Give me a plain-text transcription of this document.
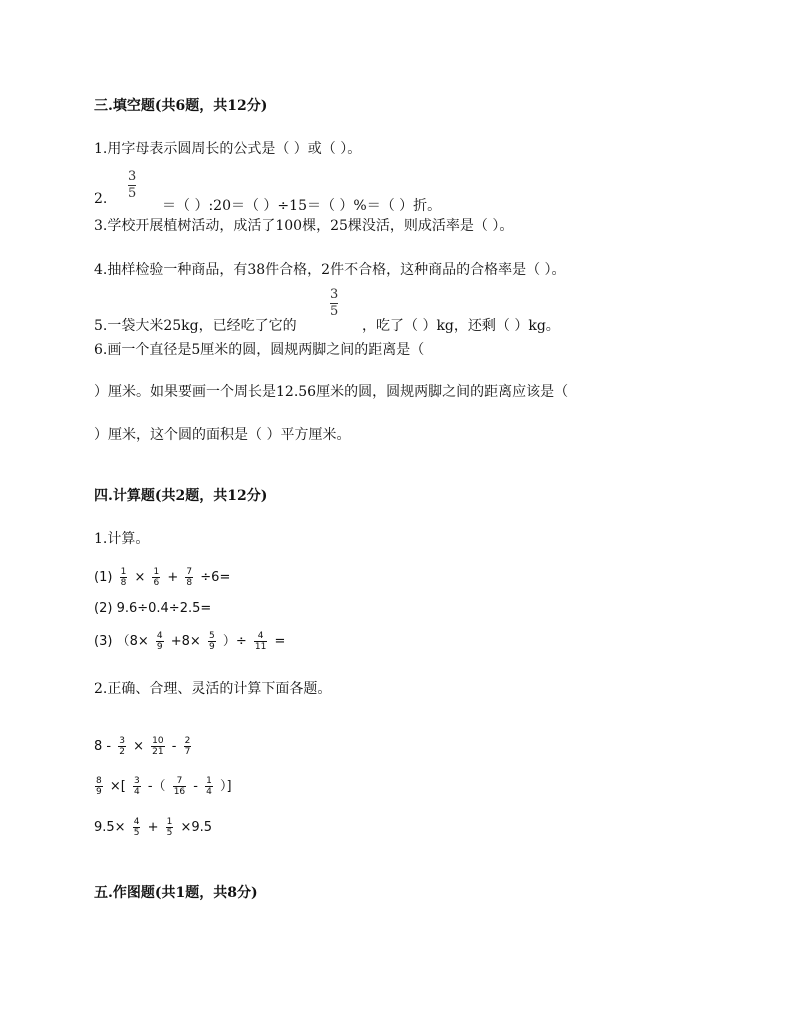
三.填空题(共6题，共12分)
1.用字母表示圆周长的公式是（ ）或（ ）。
2. $\frac{3}{5}$
＝（ ）:20＝（ ）÷15＝（ ）%＝（ ）折。
3.学校开展植树活动，成活了100棵，25棵没活，则成活率是（ ）。
4.抽样检验一种商品，有38件合格，2件不合格，这种商品的合格率是（ ）。
5.一袋大米25kg，已经吃了它的
$\frac{3}{5}$
，吃了（ ）kg，还剩（ ）kg。
6.画一个直径是5厘米的圆，圆规两脚之间的距离是（
）厘米。如果要画一个周长是12.56厘米的圆，圆规两脚之间的距离应该是（
）厘米，这个圆的面积是（ ）平方厘米。
四.计算题(共2题，共12分)
1.计算。
$(1) \frac{1}{8} \times \frac{1}{6} + \frac{7}{8} \div 6=$
(2) 9.6÷0.4÷2.5=
(3) （$8\times \frac{4}{9} +8\times \frac{5}{9}$ ）÷ $\frac{4}{11}$ =
2.正确、合理、灵活的计算下面各题。
$8 - \frac{3}{2} \times \frac{10}{21} - \frac{2}{7}$
$\frac{8}{9}$ ×[ $\frac{3}{4}$ -（ $\frac{7}{16} - \frac{1}{4}$ ）]
$9.5\times \frac{4}{5} + \frac{1}{5} \times 9.5$
五.作图题(共1题，共8分)
